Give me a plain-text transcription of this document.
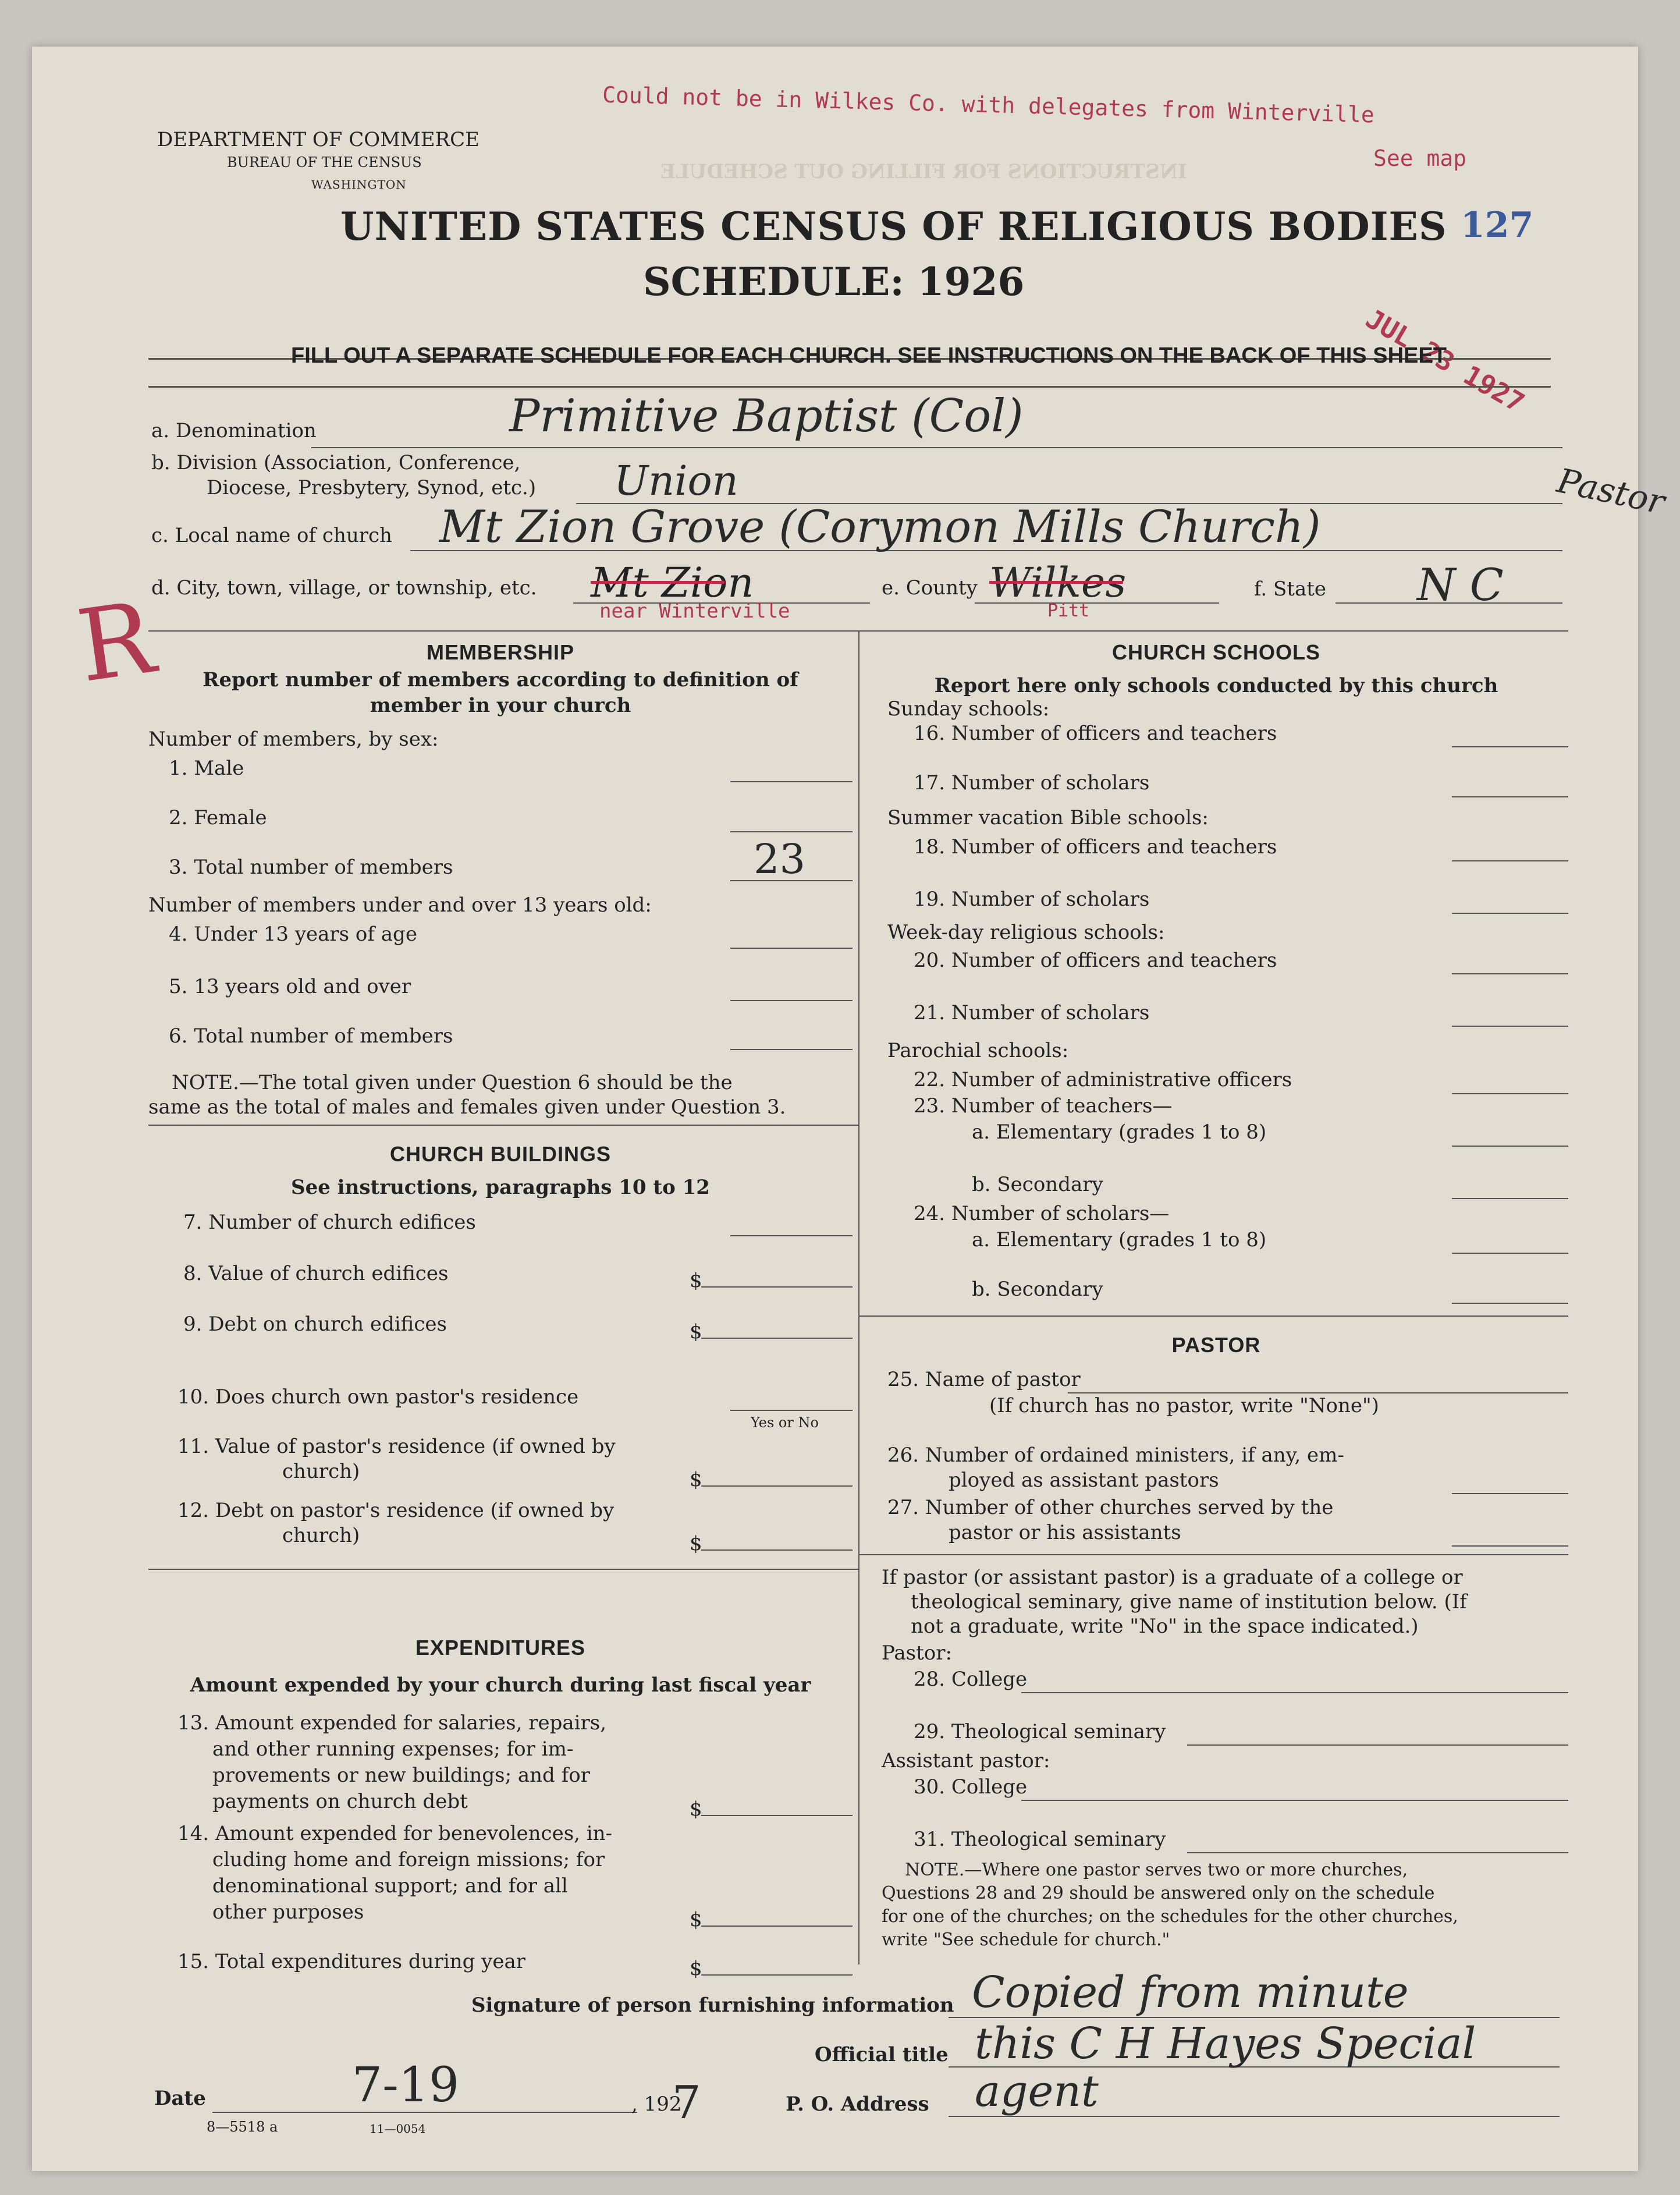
INSTRUCTIONS FOR FILLING OUT SCHEDULE
DEPARTMENT OF COMMERCE
BUREAU OF THE CENSUS
WASHINGTON
Could not be in Wilkes Co. with delegates from Winterville
See map
UNITED STATES CENSUS OF RELIGIOUS BODIES
SCHEDULE: 1926
127
JUL 23 1927
FILL OUT A SEPARATE SCHEDULE FOR EACH CHURCH. SEE INSTRUCTIONS ON THE BACK OF THIS SHEET
a. Denomination	Primitive Baptist (Col)
b. Division (Association, Conference,
Diocese, Presbytery, Synod, etc.) Union
c. Local name of church Mt Zion Grove (Corymon Mills Church)
Pastor
d. City, town, village, or township, etc. Mt Zion
near Winterville
e. County Wilkes
Pitt
f. State N C
R	MEMBERSHIP
Report number of members according to definition of
member in your church
Number of members, by sex:
1. Male
2. Female
3. Total number of members	23
Number of members under and over 13 years old:
4. Under 13 years of age
5. 13 years old and over
6. Total number of members
NOTE.—The total given under Question 6 should be the
same as the total of males and females given under Question 3.
CHURCH BUILDINGS
See instructions, paragraphs 10 to 12
7. Number of church edifices
8. Value of church edifices	$
9. Debt on church edifices	$
10. Does church own pastor's residence
Yes or No
11. Value of pastor's residence (if owned by
church)	$
12. Debt on pastor's residence (if owned by
church)	$
EXPENDITURES
Amount expended by your church during last fiscal year
13. Amount expended for salaries, repairs,
and other running expenses; for im-
provements or new buildings; and for
payments on church debt	$
14. Amount expended for benevolences, in-
cluding home and foreign missions; for
denominational support; and for all
other purposes	$
15. Total expenditures during year	$
CHURCH SCHOOLS
Report here only schools conducted by this church
Sunday schools:
16. Number of officers and teachers
17. Number of scholars
Summer vacation Bible schools:
18. Number of officers and teachers
19. Number of scholars
Week-day religious schools:
20. Number of officers and teachers
21. Number of scholars
Parochial schools:
22. Number of administrative officers
23. Number of teachers—
a. Elementary (grades 1 to 8)
b. Secondary
24. Number of scholars—
a. Elementary (grades 1 to 8)
b. Secondary
PASTOR
25. Name of pastor
(If church has no pastor, write "None")
26. Number of ordained ministers, if any, em-
ployed as assistant pastors
27. Number of other churches served by the
pastor or his assistants
If pastor (or assistant pastor) is a graduate of a college or
theological seminary, give name of institution below. (If
not a graduate, write "No" in the space indicated.)
Pastor:
28. College
29. Theological seminary
Assistant pastor:
30. College
31. Theological seminary
NOTE.—Where one pastor serves two or more churches,
Questions 28 and 29 should be answered only on the schedule
for one of the churches; on the schedules for the other churches,
write "See schedule for church."
Signature of person furnishing information Copied from minute
Official title this C H Hayes Special
Date	7-19	, 192
7	P. O. Address agent
8—5518 a	11—0054
